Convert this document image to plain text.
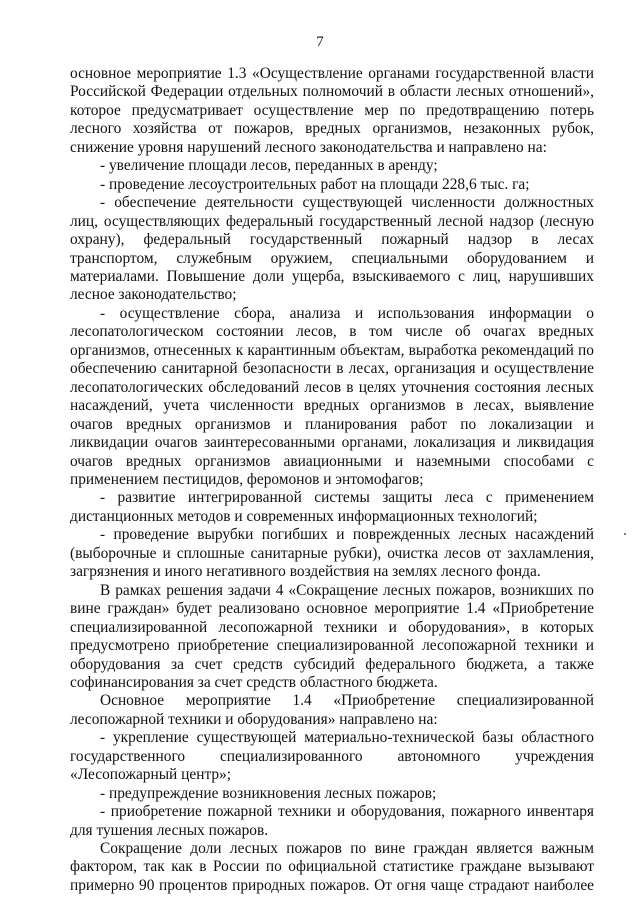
7

основное мероприятие 1.3 «Осуществление органами государственной власти Российской Федерации отдельных полномочий в области лесных отношений», которое предусматривает осуществление мер по предотвращению потерь лесного хозяйства от пожаров, вредных организмов, незаконных рубок, снижение уровня нарушений лесного законодательства и направлено на:

- увеличение площади лесов, переданных в аренду;

- проведение лесоустроительных работ на площади 228,6 тыс. га;

- обеспечение деятельности существующей численности должностных лиц, осуществляющих федеральный государственный лесной надзор (лесную охрану), федеральный государственный пожарный надзор в лесах транспортом, служебным оружием, специальными оборудованием и материалами. Повышение доли ущерба, взыскиваемого с лиц, нарушивших лесное законодательство;

- осуществление сбора, анализа и использования информации о лесопатологическом состоянии лесов, в том числе об очагах вредных организмов, отнесенных к карантинным объектам, выработка рекомендаций по обеспечению санитарной безопасности в лесах, организация и осуществление лесопатологических обследований лесов в целях уточнения состояния лесных насаждений, учета численности вредных организмов в лесах, выявление очагов вредных организмов и планирования работ по локализации и ликвидации очагов заинтересованными органами, локализация и ликвидация очагов вредных организмов авиационными и наземными способами с применением пестицидов, феромонов и энтомофагов;

- развитие интегрированной системы защиты леса с применением дистанционных методов и современных информационных технологий;

- проведение вырубки погибших и поврежденных лесных насаждений (выборочные и сплошные санитарные рубки), очистка лесов от захламления, загрязнения и иного негативного воздействия на землях лесного фонда.

В рамках решения задачи 4 «Сокращение лесных пожаров, возникших по вине граждан» будет реализовано основное мероприятие 1.4 «Приобретение специализированной лесопожарной техники и оборудования», в которых предусмотрено приобретение специализированной лесопожарной техники и оборудования за счет средств субсидий федерального бюджета, а также софинансирования за счет средств областного бюджета.

Основное мероприятие 1.4 «Приобретение специализированной лесопожарной техники и оборудования» направлено на:

- укрепление существующей материально-технической базы областного государственного специализированного автономного учреждения «Лесопожарный центр»;

- предупреждение возникновения лесных пожаров;

- приобретение пожарной техники и оборудования, пожарного инвентаря для тушения лесных пожаров.

Сокращение доли лесных пожаров по вине граждан является важным фактором, так как в России по официальной статистике граждане вызывают примерно 90 процентов природных пожаров. От огня чаще страдают наиболее
